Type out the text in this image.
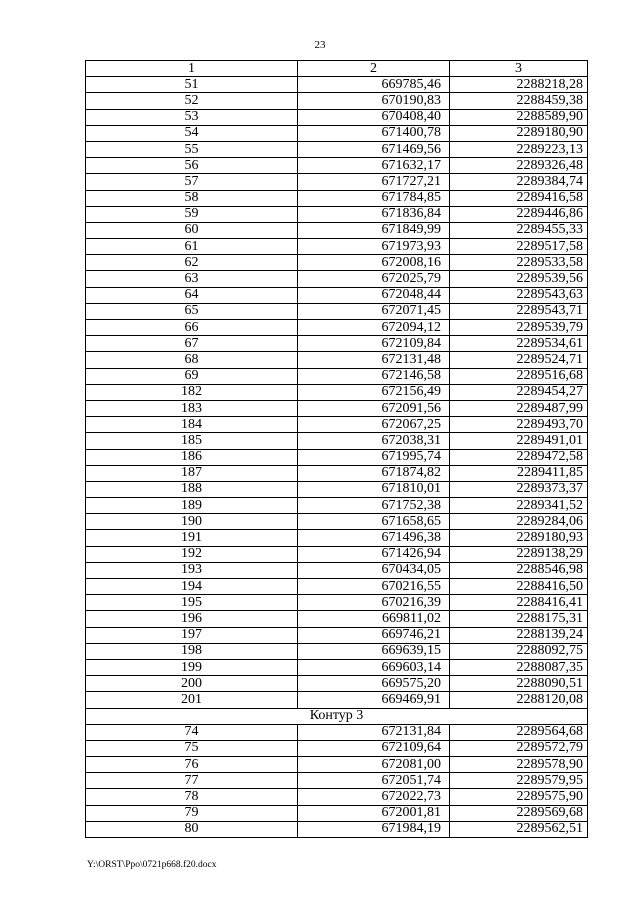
23
1	2	3
51	669785,46	2288218,28
52	670190,83	2288459,38
53	670408,40	2288589,90
54	671400,78	2289180,90
55	671469,56	2289223,13
56	671632,17	2289326,48
57	671727,21	2289384,74
58	671784,85	2289416,58
59	671836,84	2289446,86
60	671849,99	2289455,33
61	671973,93	2289517,58
62	672008,16	2289533,58
63	672025,79	2289539,56
64	672048,44	2289543,63
65	672071,45	2289543,71
66	672094,12	2289539,79
67	672109,84	2289534,61
68	672131,48	2289524,71
69	672146,58	2289516,68
182	672156,49	2289454,27
183	672091,56	2289487,99
184	672067,25	2289493,70
185	672038,31	2289491,01
186	671995,74	2289472,58
187	671874,82	2289411,85
188	671810,01	2289373,37
189	671752,38	2289341,52
190	671658,65	2289284,06
191	671496,38	2289180,93
192	671426,94	2289138,29
193	670434,05	2288546,98
194	670216,55	2288416,50
195	670216,39	2288416,41
196	669811,02	2288175,31
197	669746,21	2288139,24
198	669639,15	2288092,75
199	669603,14	2288087,35
200	669575,20	2288090,51
201	669469,91	2288120,08
Контур 3		
74	672131,84	2289564,68
75	672109,64	2289572,79
76	672081,00	2289578,90
77	672051,74	2289579,95
78	672022,73	2289575,90
79	672001,81	2289569,68
80	671984,19	2289562,51
Y:\ORST\Ppo\0721p668.f20.docx
